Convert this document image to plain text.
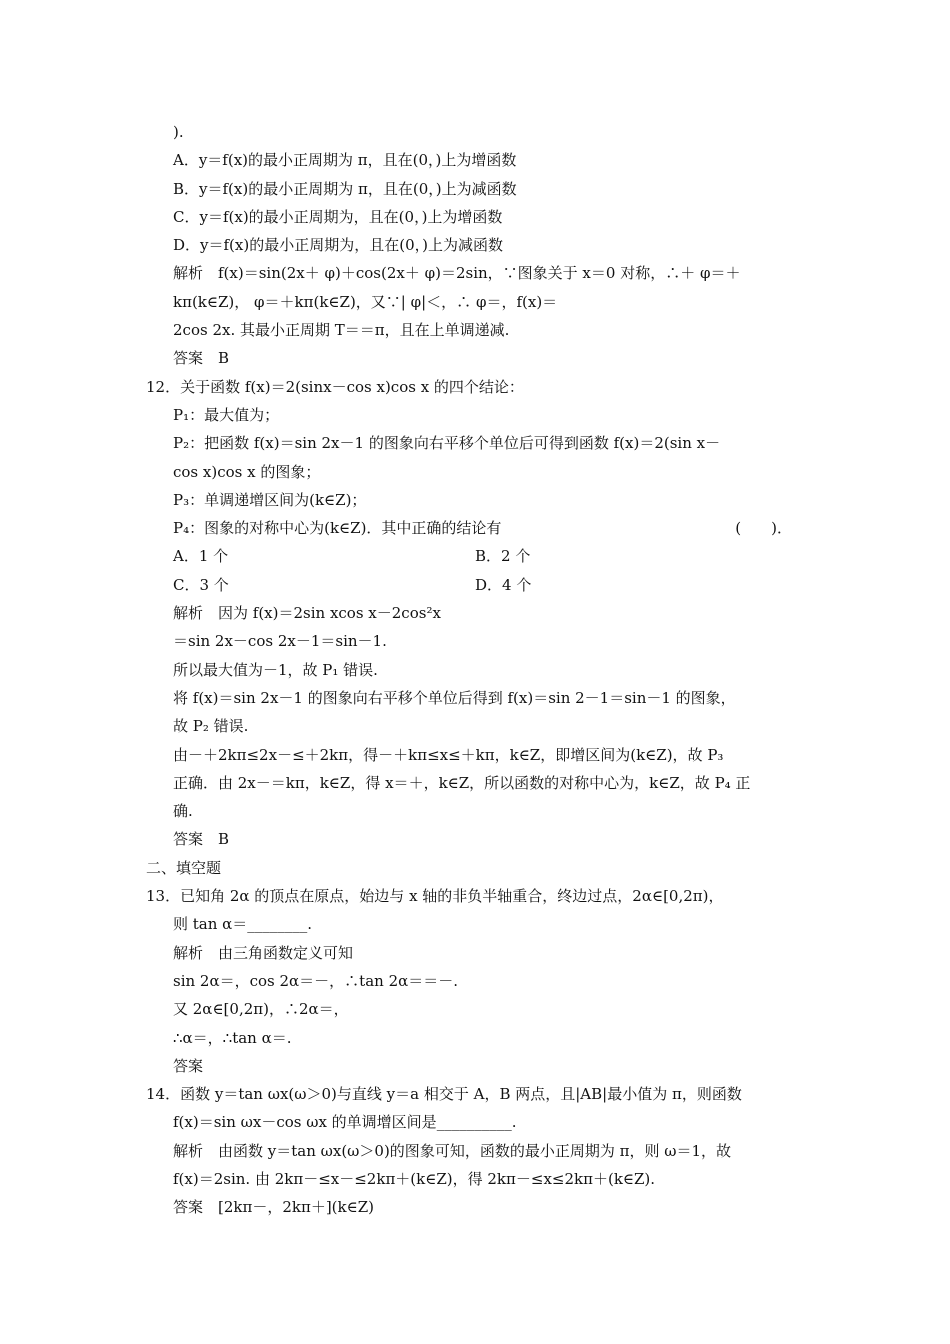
).
A．y＝f(x)的最小正周期为 π，且在(0，)上为增函数
B．y＝f(x)的最小正周期为 π，且在(0，)上为减函数
C．y＝f(x)的最小正周期为，且在(0，)上为增函数
D．y＝f(x)的最小正周期为，且在(0，)上为减函数
解析　f(x)＝sin(2x＋ φ)＋cos(2x＋ φ)＝2sin，∵图象关于 x＝0 对称，∴＋ φ＝＋
kπ(k∈Z)， φ＝＋kπ(k∈Z)，又∵| φ|＜，∴ φ＝，f(x)＝
2cos 2x. 其最小正周期 T＝＝π，且在上单调递减.
答案　B
12．关于函数 f(x)＝2(sinx－cos x)cos x 的四个结论：
P₁：最大值为；
P₂：把函数 f(x)＝sin 2x－1 的图象向右平移个单位后可得到函数 f(x)＝2(sin x－
cos x)cos x 的图象；
P₃：单调递增区间为(k∈Z)；
P₄：图象的对称中心为(k∈Z)．其中正确的结论有	(　　)．
A．1 个	B．2 个
C．3 个	D．4 个
解析　因为 f(x)＝2sin xcos x－2cos²x
＝sin 2x－cos 2x－1＝sin－1.
所以最大值为－1，故 P₁ 错误.
将 f(x)＝sin 2x－1 的图象向右平移个单位后得到 f(x)＝sin 2－1＝sin－1 的图象，
故 P₂ 错误.
由－＋2kπ≤2x－≤＋2kπ，得－＋kπ≤x≤＋kπ，k∈Z，即增区间为(k∈Z)，故 P₃
正确．由 2x－＝kπ，k∈Z，得 x＝＋，k∈Z，所以函数的对称中心为，k∈Z，故 P₄ 正
确.
答案　B
二、填空题
13．已知角 2α 的顶点在原点，始边与 x 轴的非负半轴重合，终边过点，2α∈[0,2π)，
则 tan α＝________.
解析　由三角函数定义可知
sin 2α＝，cos 2α＝－，∴tan 2α＝＝－.
又 2α∈[0,2π)，∴2α＝，
∴α＝，∴tan α＝.
答案
14．函数 y＝tan ωx(ω＞0)与直线 y＝a 相交于 A，B 两点，且|AB|最小值为 π，则函数
f(x)＝sin ωx－cos ωx 的单调增区间是__________.
解析　由函数 y＝tan ωx(ω＞0)的图象可知，函数的最小正周期为 π，则 ω＝1，故
f(x)＝2sin. 由 2kπ－≤x－≤2kπ＋(k∈Z)，得 2kπ－≤x≤2kπ＋(k∈Z).
答案　[2kπ－，2kπ＋](k∈Z)
